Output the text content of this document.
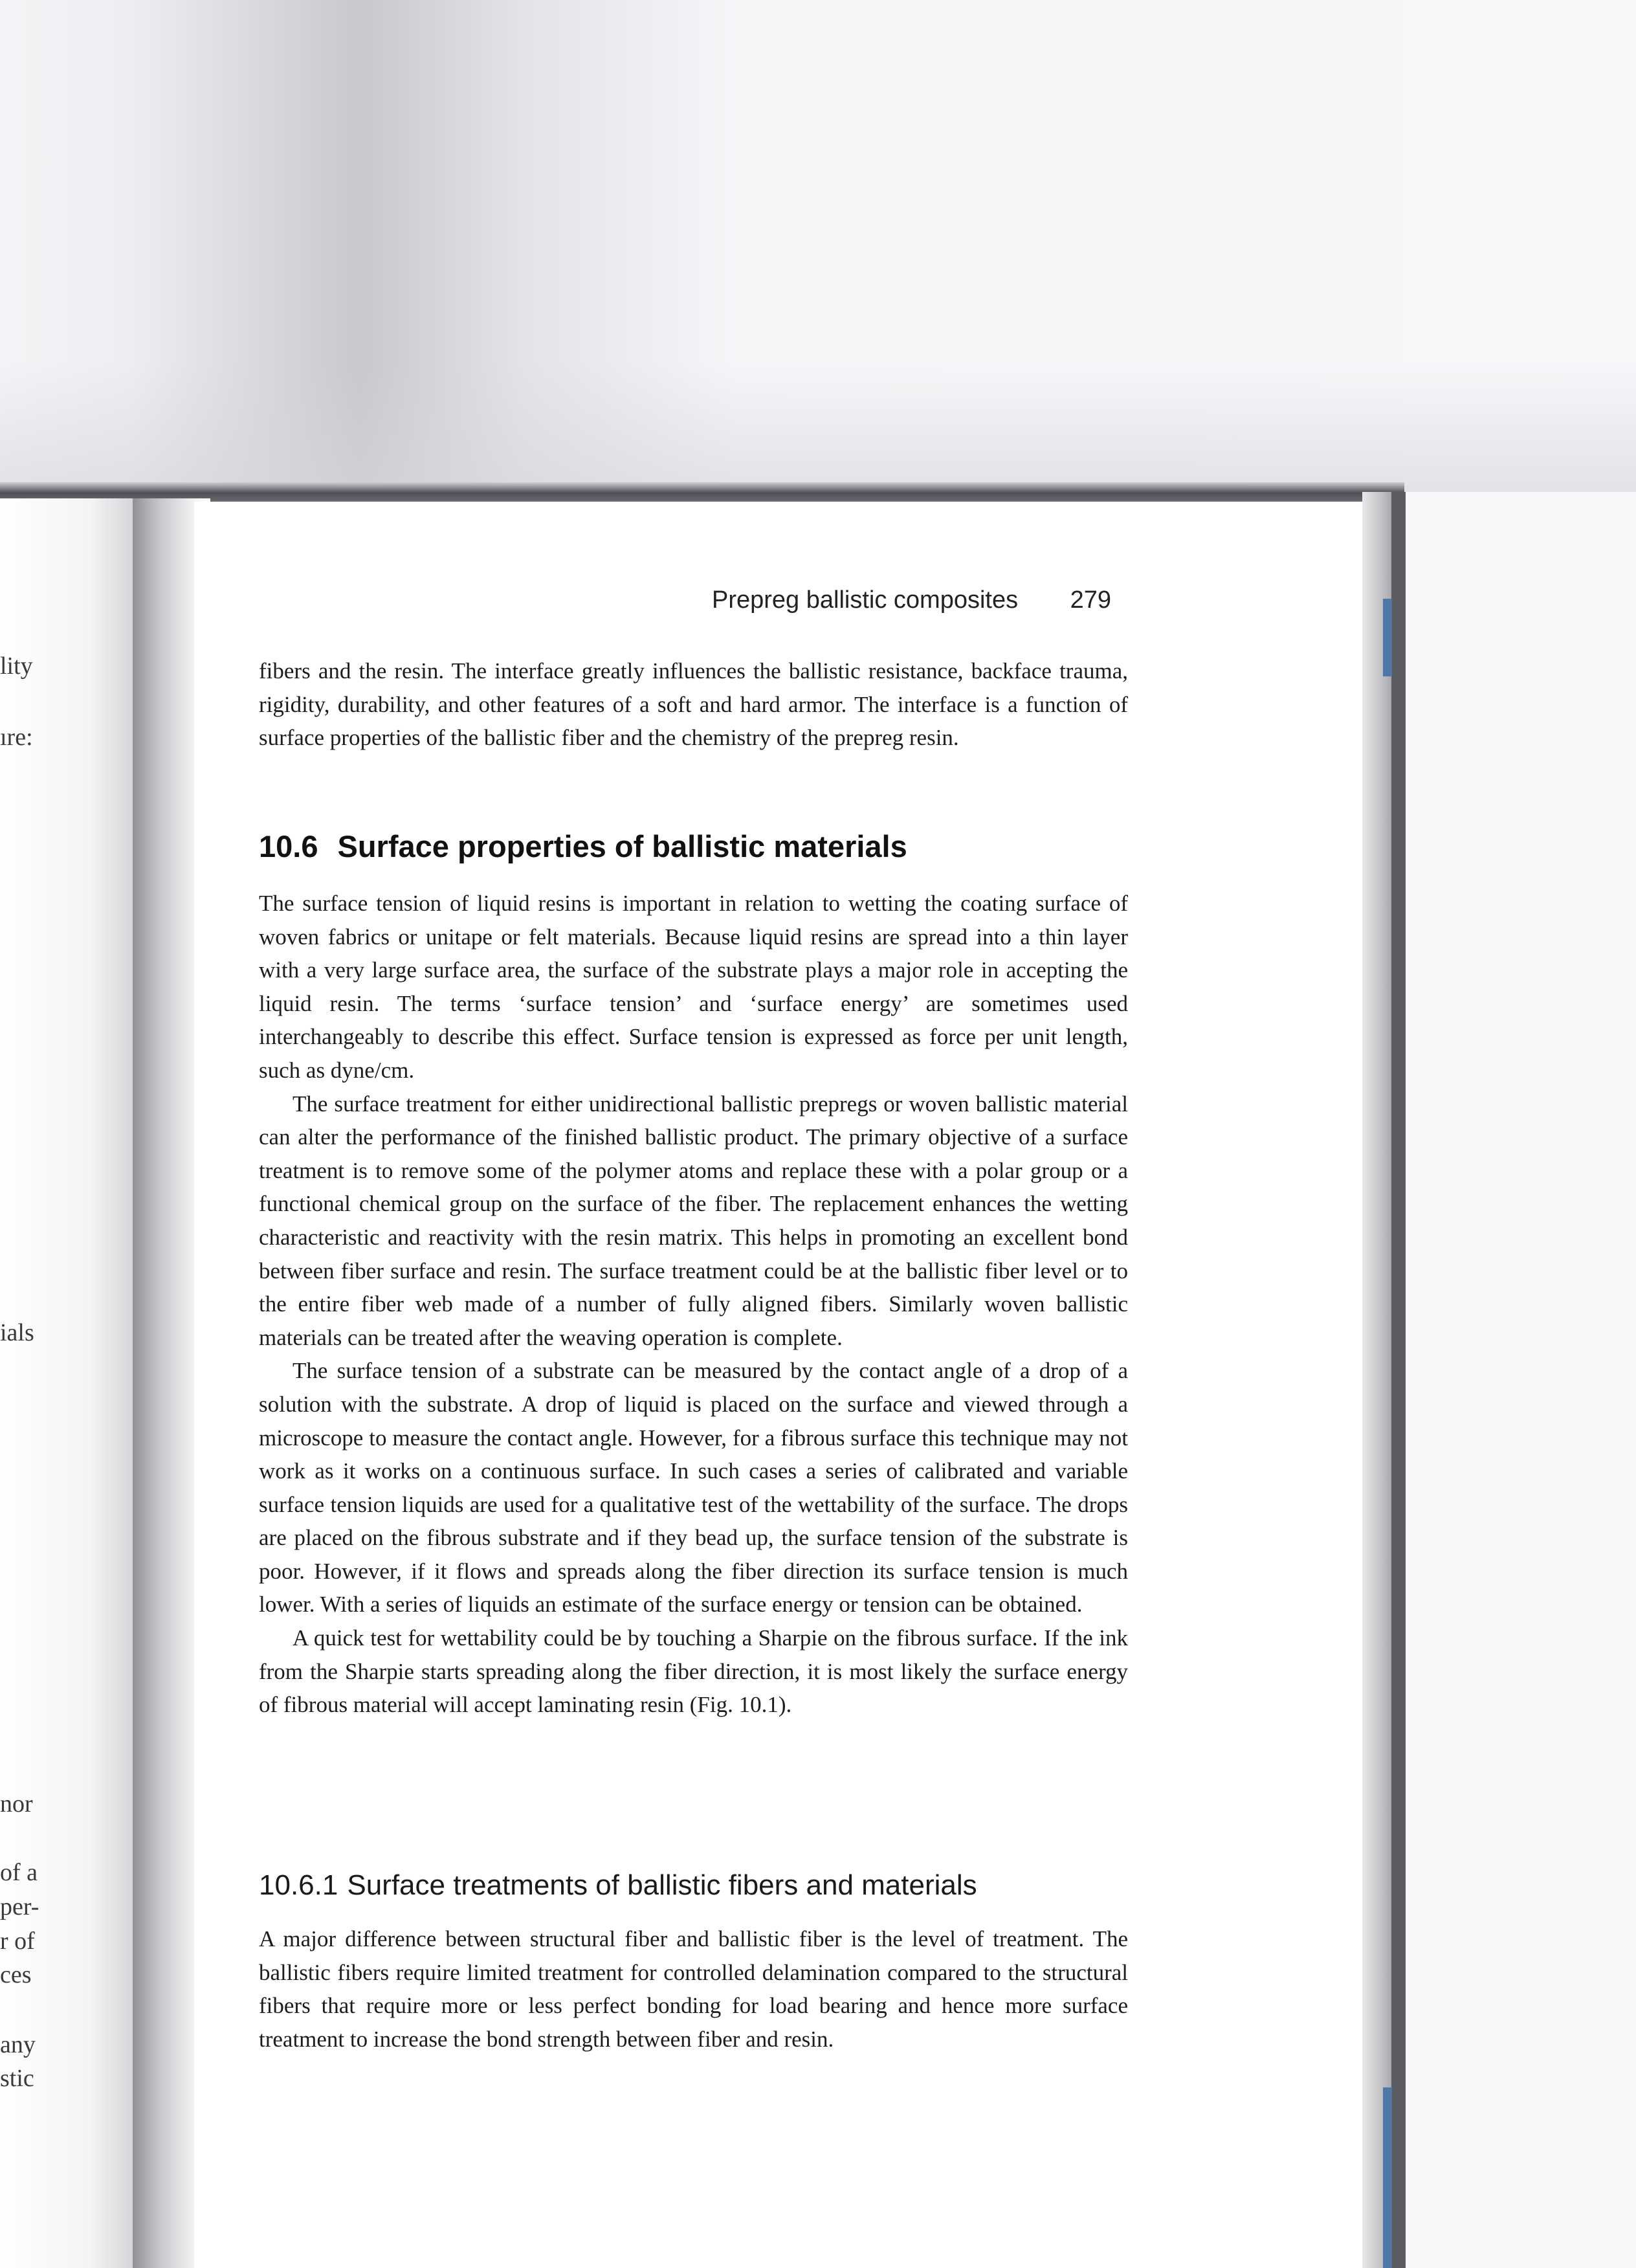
lity
ıre:
ials
nor
of a
per-
r of
ces
any
stic
Prepreg ballistic composites 279

fibers and the resin. The interface greatly influences the ballistic resistance, backface trauma, rigidity, durability, and other features of a soft and hard armor. The interface is a function of surface properties of the ballistic fiber and the chemistry of the prepreg resin.

10.6 Surface properties of ballistic materials

The surface tension of liquid resins is important in relation to wetting the coating surface of woven fabrics or unitape or felt materials. Because liquid resins are spread into a thin layer with a very large surface area, the surface of the substrate plays a major role in accepting the liquid resin. The terms ‘surface tension’ and ‘surface energy’ are sometimes used interchangeably to describe this effect. Surface tension is expressed as force per unit length, such as dyne/cm.

The surface treatment for either unidirectional ballistic prepregs or woven ballistic material can alter the performance of the finished ballistic product. The primary objective of a surface treatment is to remove some of the polymer atoms and replace these with a polar group or a functional chemical group on the surface of the fiber. The replacement enhances the wetting characteristic and reactivity with the resin matrix. This helps in promoting an excellent bond between fiber surface and resin. The surface treatment could be at the ballistic fiber level or to the entire fiber web made of a number of fully aligned fibers. Similarly woven ballistic materials can be treated after the weaving operation is complete.

The surface tension of a substrate can be measured by the contact angle of a drop of a solution with the substrate. A drop of liquid is placed on the surface and viewed through a microscope to measure the contact angle. However, for a fibrous surface this technique may not work as it works on a continuous surface. In such cases a series of calibrated and variable surface tension liquids are used for a qualitative test of the wettability of the surface. The drops are placed on the fibrous substrate and if they bead up, the surface tension of the substrate is poor. However, if it flows and spreads along the fiber direction its surface tension is much lower. With a series of liquids an estimate of the surface energy or tension can be obtained.

A quick test for wettability could be by touching a Sharpie on the fibrous surface. If the ink from the Sharpie starts spreading along the fiber direction, it is most likely the surface energy of fibrous material will accept laminating resin (Fig. 10.1).

10.6.1 Surface treatments of ballistic fibers and materials

A major difference between structural fiber and ballistic fiber is the level of treatment. The ballistic fibers require limited treatment for controlled delamination compared to the structural fibers that require more or less perfect bonding for load bearing and hence more surface treatment to increase the bond strength between fiber and resin.
